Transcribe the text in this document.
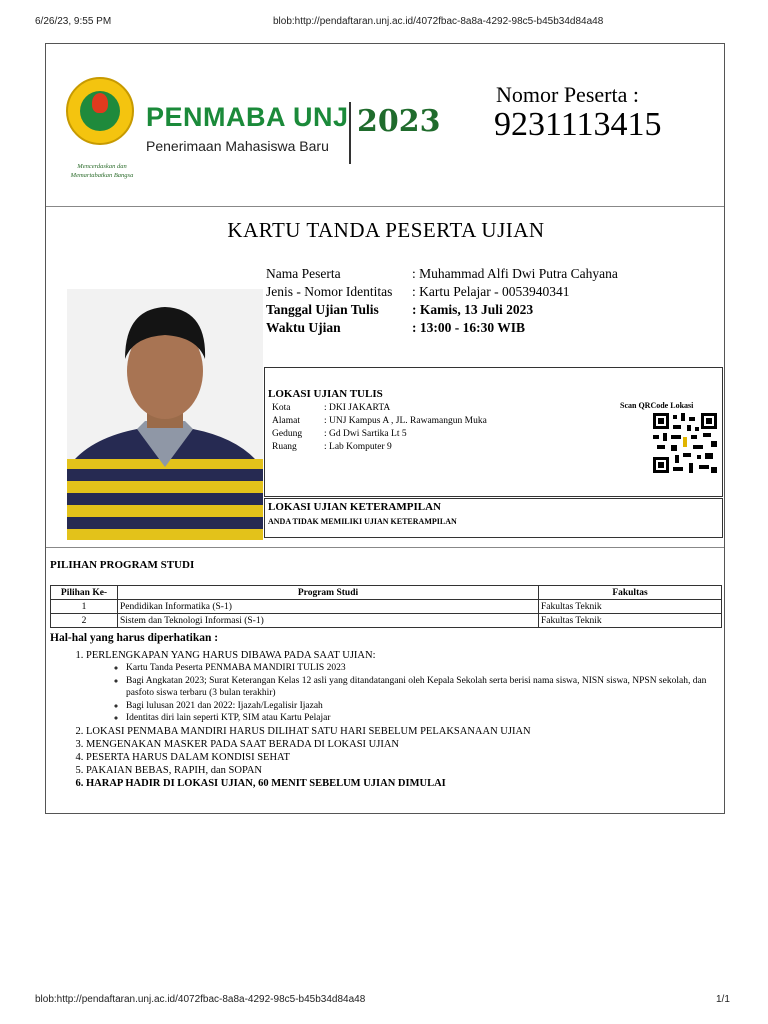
6/26/23, 9:55 PM	blob:http://pendaftaran.unj.ac.id/4072fbac-8a8a-4292-98c5-b45b34d84a48
Mencerdaskan dan Memartabatkan Bangsa
PENMABA UNJ
Penerimaan Mahasiswa Baru
2023
Nomor Peserta :
9231113415
KARTU TANDA PESERTA UJIAN
Nama Peserta	: Muhammad Alfi Dwi Putra Cahyana
Jenis - Nomor Identitas : Kartu Pelajar - 0053940341
Tanggal Ujian Tulis : Kamis, 13 Juli 2023
Waktu Ujian	: 13:00 - 16:30 WIB
LOKASI UJIAN TULIS
Kota	: DKI JAKARTA
Alamat	: UNJ Kampus A , JL. Rawamangun Muka
Gedung : Gd Dwi Sartika Lt 5
Ruang	: Lab Komputer 9
Scan QRCode Lokasi
LOKASI UJIAN KETERAMPILAN
ANDA TIDAK MEMILIKI UJIAN KETERAMPILAN
PILIHAN PROGRAM STUDI
Pilihan Ke-	Program Studi	Fakultas
1	Pendidikan Informatika (S-1)	Fakultas Teknik
2	Sistem dan Teknologi Informasi (S-1)	Fakultas Teknik
Hal-hal yang harus diperhatikan :
1. PERLENGKAPAN YANG HARUS DIBAWA PADA SAAT UJIAN:
◦ Kartu Tanda Peserta PENMABA MANDIRI TULIS 2023
◦ Bagi Angkatan 2023; Surat Keterangan Kelas 12 asli yang ditandatangani oleh Kepala Sekolah serta berisi nama siswa, NISN siswa, NPSN sekolah, dan pasfoto siswa terbaru (3 bulan terakhir)
◦ Bagi lulusan 2021 dan 2022: Ijazah/Legalisir Ijazah
◦ Identitas diri lain seperti KTP, SIM atau Kartu Pelajar
2. LOKASI PENMABA MANDIRI HARUS DILIHAT SATU HARI SEBELUM PELAKSANAAN UJIAN
3. MENGENAKAN MASKER PADA SAAT BERADA DI LOKASI UJIAN
4. PESERTA HARUS DALAM KONDISI SEHAT
5. PAKAIAN BEBAS, RAPIH, dan SOPAN
6. HARAP HADIR DI LOKASI UJIAN, 60 MENIT SEBELUM UJIAN DIMULAI
blob:http://pendaftaran.unj.ac.id/4072fbac-8a8a-4292-98c5-b45b34d84a48	1/1
